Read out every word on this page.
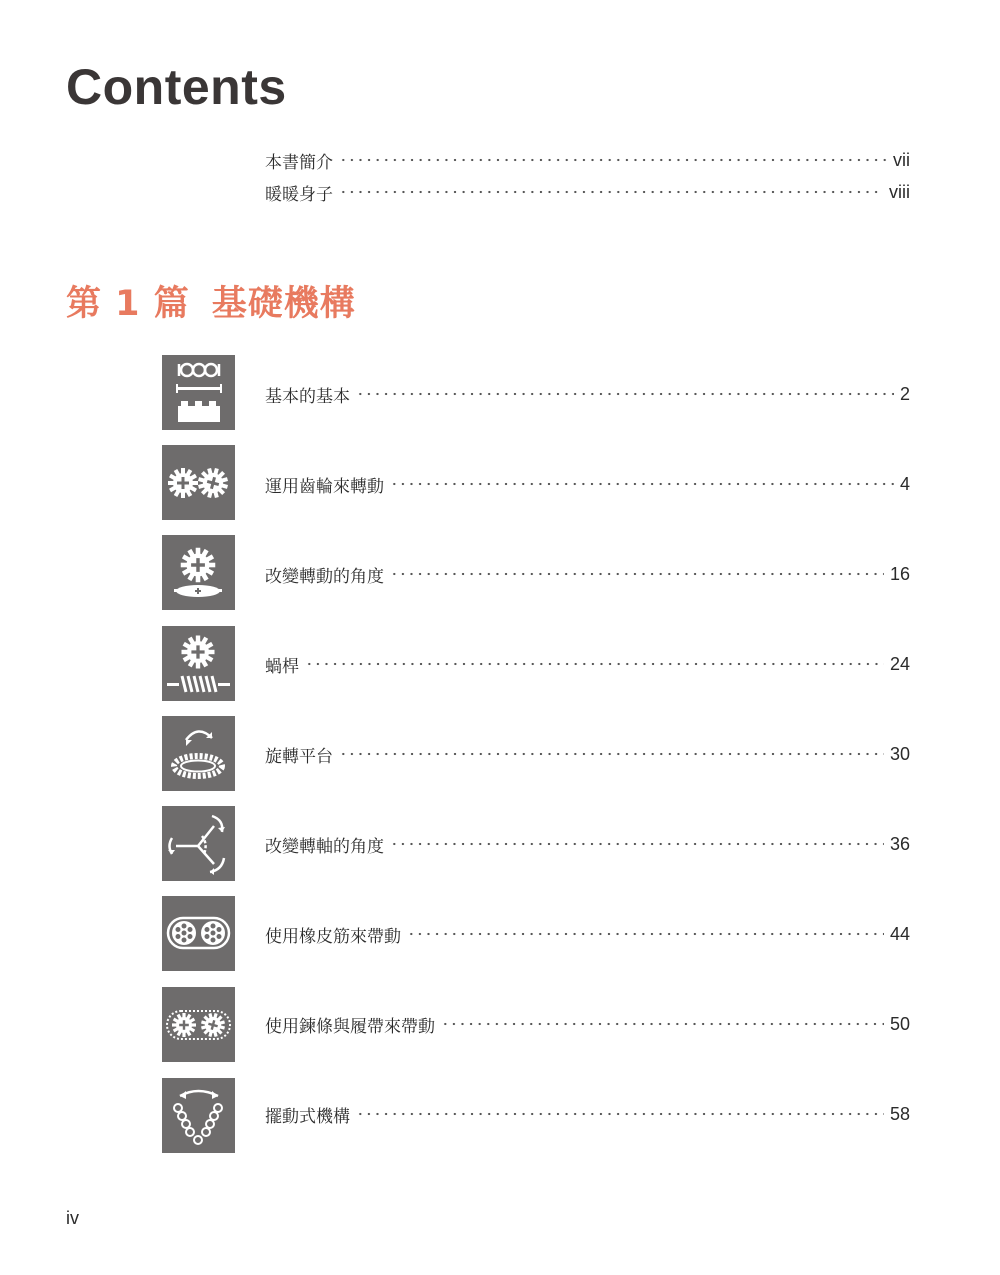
Contents
本書簡介	vii
暖暖身子	viii
第 1 篇 基礎機構
基本的基本	2
運用齒輪來轉動	4
改變轉動的角度	16
蝸桿	24
旋轉平台	30
改變轉軸的角度	36
使用橡皮筋來帶動	44
使用鍊條與履帶來帶動	50
擺動式機構	58
iv
